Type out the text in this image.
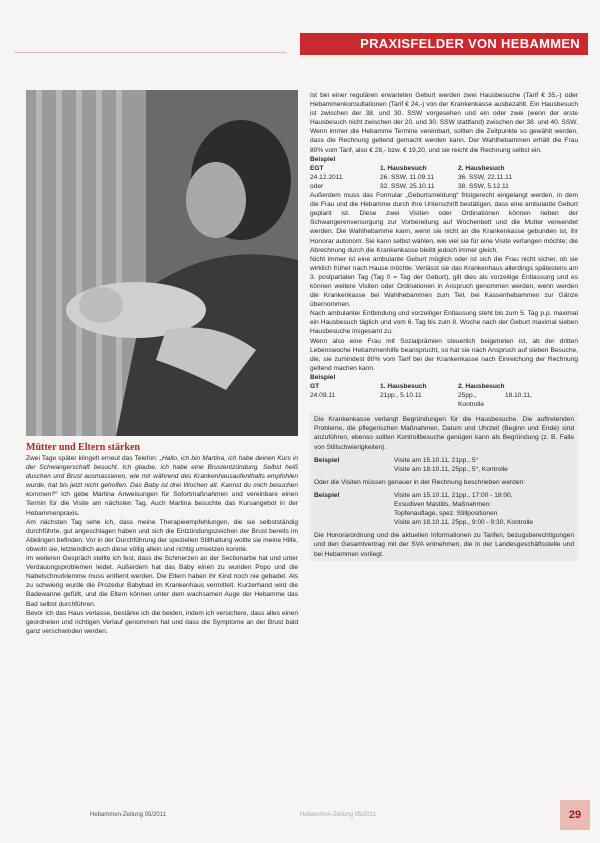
PRAXISFELDER VON HEBAMMEN
Mütter und Eltern stärken

Zwei Tage später klingelt erneut das Telefon: „Hallo, ich bin Martina, ich habe deinen Kurs in der Schwangerschaft besucht. Ich glaube, ich habe eine Brustentzündung. Selbst heiß duschen und Brust ausmassieren, wie mir während des Krankenhausaufenthalts empfohlen wurde, hat bis jetzt nicht geholfen. Das Baby ist drei Wochen alt. Kannst du mich besuchen kommen?“ Ich gebe Martina Anweisungen für Sofortmaßnahmen und vereinbare einen Termin für die Visite am nächsten Tag. Auch Martina besuchte das Kursangebot in der Hebammenpraxis.

Am nächsten Tag sehe ich, dass meine Therapieempfehlungen, die sie selbstständig durchführte, gut angeschlagen haben und sich die Entzündungszeichen der Brust bereits im Abklingen befinden. Vor in der Durchführung der speziellen Stillhaltung wollte sie meine Hilfe, obwohl sie, letztendlich auch diese völlig allein und richtig umsetzen konnte.

Im weiteren Gespräch stellte ich fest, dass die Schmerzen an der Sectionarbe hat und unter Verdauungsproblemen leidet. Außerdem hat das Baby einen zu wunden Popo und die Nabelschnurklemme muss entfernt werden. Die Eltern haben ihr Kind noch nie gebadet. Als zu schwierig wurde die Prozedur Babybad im Krankenhaus vermittelt. Kurzerhand wird die Badewanne gefüllt, und die Eltern können unter dem wachsamen Auge der Hebamme das Bad selbst durchführen.

Bevor ich das Haus verlasse, bestärke ich die beiden, indem ich versichere, dass alles einen geordneten und richtigen Verlauf genommen hat und dass die Symptome an der Brust bald ganz verschwinden werden.

Ist bei einer regulären erwarteten Geburt werden zwei Hausbesuche (Tarif € 35,-) oder Hebammenkonsultationen (Tarif € 24,-) von der Krankenkasse ausbezahlt. Ein Hausbesuch ist zwischen der 38. und 30. SSW vorgesehen und ein oder zwei (wenn der erste Hausbesuch nicht zwischen der 20. und 30. SSW stattfand) zwischen der 38. und 40. SSW. Wenn immer die Hebamme Termine vereinbart, sollten die Zeitpunkte so gewählt werden, dass die Rechnung geltend gemacht werden kann. Der Wahlhebammen erhält die Frau 80% vom Tarif, also € 28,- bzw. € 19,20, und sie reicht die Rechnung selbst ein.

Beispiel
EGT	1. Hausbesuch	2. Hausbesuch
24.12.2011	26. SSW, 11.09.11	36. SSW, 22.11.11
oder	32. SSW, 25.10.11	38. SSW, 5.12.11

Außerdem muss das Formular „Geburtsmeldung“ fristgerecht eingelangt werden, in dem die Frau und die Hebamme durch ihre Unterschrift bestätigen, dass eine ambulante Geburt geplant ist. Diese zwei Visiten oder Ordinationen können neben der Schwangerenversorgung zur Vorbereitung auf Wochenbett und die Mutter verwendet werden. Die Wahlhebamme kann, wenn sie nicht an die Krankenkasse gebunden ist, ihr Honorar autonom. Sie kann selbst wählen, wie viel sie für eine Visite verlangen möchte; die Abrechnung durch die Krankenkasse bleibt jedoch immer gleich.

Nicht immer ist eine ambulante Geburt möglich oder ist sich die Frau nicht sicher, ob sie wirklich früher nach Hause möchte. Verlässt sie das Krankenhaus allerdings spätestens am 3. postpartalen Tag (Tag 0 = Tag der Geburt), gilt dies als vorzeitige Entlassung und es können weitere Visiten oder Ordinationen in Anspruch genommen werden, wenn werden die Krankenkasse bei Wahlhebammen zum Teil, bei Kassenhebammen zur Gänze übernommen.

Nach ambulanter Entbindung und vorzeitiger Entlassung steht bis zum 5. Tag p.p. maximal ein Hausbesuch täglich und vom 6. Tag bis zum 8. Woche nach der Geburt maximal sieben Hausbesuche insgesamt zu.

Wenn also eine Frau mit Sozialprämien steuerlich beigetreten ist, ab der dritten Lebenswoche Hebammenhilfe beansprucht, so hat sie nach Anspruch auf sieben Besuche, die, sie zumindest 80% vom Tarif bei der Krankenkasse nach Einreichung der Rechnung geltend machen kann.

Beispiel
GT	1. Hausbesuch	2. Hausbesuch
24.09.11	21pp., 5.10.11	25pp., 18.10.11, Kontrolle

Die Krankenkasse verlangt Begründungen für die Hausbesuche. Die auftretenden Probleme, die pflegerischen Maßnahmen, Datum und Uhrzeit (Beginn und Ende) sind anzuführen, ebenso sollten Kontrollbesuche genügen kann als Begründung (z. B. Falle von Stillschwierigkeiten).

Beispiel	Visite am 15.10.11, 21pp., 5°
Visite am 18.10.11, 25pp., 5°, Kontrolle

Oder die Visiten müssen genauer in der Rechnung beschrieben werden:

Beispiel	Visite am 15.10.11, 21pp., 17:00 - 18:00,
Exsudiven Mastitis, Maßnahmen:
Topfenauflage, spez. Stillpositionen
Visite am 18.10.11, 25pp., 9:00 - 9:30, Kontrolle

Die Honorarordnung und die aktuellen Informationen zu Tarifen, bezugsberechtigungen und den Gesamtvertrag mit der SVA entnehmen, die in der Landesgeschäftsstelle und bei Hebammen vorliegt.

Hebammen-Zeitung 05/2011	Hebammen-Zeitung 05/2011	29
